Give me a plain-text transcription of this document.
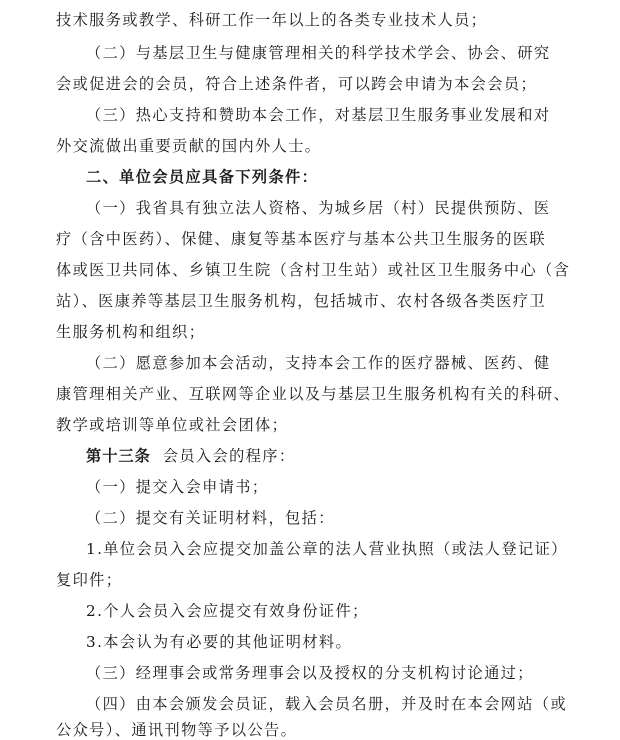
技术服务或教学、科研工作一年以上的各类专业技术人员；
（二）与基层卫生与健康管理相关的科学技术学会、协会、研究
会或促进会的会员，符合上述条件者，可以跨会申请为本会会员；
（三）热心支持和赞助本会工作，对基层卫生服务事业发展和对
外交流做出重要贡献的国内外人士。
二、单位会员应具备下列条件：
（一）我省具有独立法人资格、为城乡居（村）民提供预防、医
疗（含中医药）、保健、康复等基本医疗与基本公共卫生服务的医联
体或医卫共同体、乡镇卫生院（含村卫生站）或社区卫生服务中心（含
站）、医康养等基层卫生服务机构，包括城市、农村各级各类医疗卫
生服务机构和组织；
（二）愿意参加本会活动，支持本会工作的医疗器械、医药、健
康管理相关产业、互联网等企业以及与基层卫生服务机构有关的科研、
教学或培训等单位或社会团体；
第十三条 会员入会的程序：
（一）提交入会申请书；
（二）提交有关证明材料，包括：
1.单位会员入会应提交加盖公章的法人营业执照（或法人登记证）
复印件；
2.个人会员入会应提交有效身份证件；
3.本会认为有必要的其他证明材料。
（三）经理事会或常务理事会以及授权的分支机构讨论通过；
（四）由本会颁发会员证，载入会员名册，并及时在本会网站（或
公众号）、通讯刊物等予以公告。
